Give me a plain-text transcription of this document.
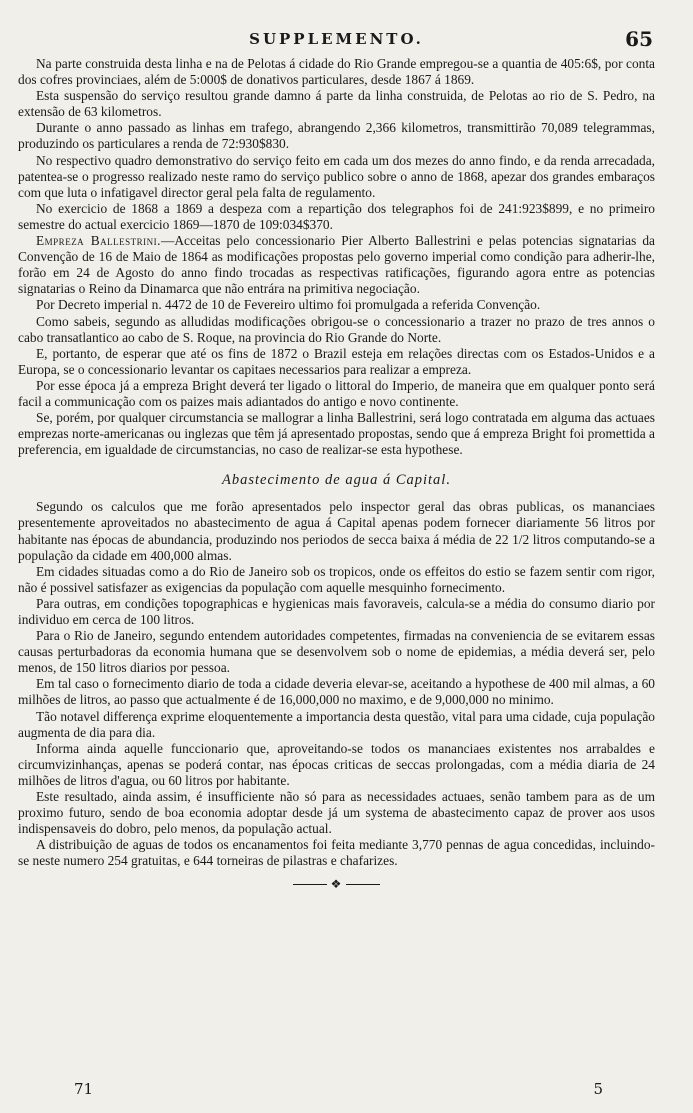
SUPPLEMENTO.	65

Na parte construida desta linha e na de Pelotas á cidade do Rio Grande empregou-se a quantia de 405:6$, por conta dos cofres provinciaes, além de 5:000$ de donativos particulares, desde 1867 á 1869.

Esta suspensão do serviço resultou grande damno á parte da linha construida, de Pelotas ao rio de S. Pedro, na extensão de 63 kilometros.

Durante o anno passado as linhas em trafego, abrangendo 2,366 kilometros, transmittirão 70,089 telegrammas, produzindo os particulares a renda de 72:930$830.

No respectivo quadro demonstrativo do serviço feito em cada um dos mezes do anno findo, e da renda arrecadada, patentea-se o progresso realizado neste ramo do serviço publico sobre o anno de 1868, apezar dos grandes embaraços com que luta o infatigavel director geral pela falta de regulamento.

No exercicio de 1868 a 1869 a despeza com a repartição dos telegraphos foi de 241:923$899, e no primeiro semestre do actual exercicio 1869—1870 de 109:034$370.

Empreza Ballestrini.—Acceitas pelo concessionario Pier Alberto Ballestrini e pelas potencias signatarias da Convenção de 16 de Maio de 1864 as modificações propostas pelo governo imperial como condição para adherir-lhe, forão em 24 de Agosto do anno findo trocadas as respectivas ratificações, figurando agora entre as potencias signatarias o Reino da Dinamarca que não entrára na primitiva negociação.

Por Decreto imperial n. 4472 de 10 de Fevereiro ultimo foi promulgada a referida Convenção.

Como sabeis, segundo as alludidas modificações obrigou-se o concessionario a trazer no prazo de tres annos o cabo transatlantico ao cabo de S. Roque, na provincia do Rio Grande do Norte.

E, portanto, de esperar que até os fins de 1872 o Brazil esteja em relações directas com os Estados-Unidos e a Europa, se o concessionario levantar os capitaes necessarios para realizar a empreza.

Por esse época já a empreza Bright deverá ter ligado o littoral do Imperio, de maneira que em qualquer ponto será facil a communicação com os paizes mais adiantados do antigo e novo continente.

Se, porém, por qualquer circumstancia se mallograr a linha Ballestrini, será logo contratada em alguma das actuaes emprezas norte-americanas ou inglezas que têm já apresentado propostas, sendo que á empreza Bright foi promettida a preferencia, em igualdade de circumstancias, no caso de realizar-se esta hypothese.

Abastecimento de agua á Capital.

Segundo os calculos que me forão apresentados pelo inspector geral das obras publicas, os mananciaes presentemente aproveitados no abastecimento de agua á Capital apenas podem fornecer diariamente 56 litros por habitante nas épocas de abundancia, produzindo nos periodos de secca baixa á média de 22 1/2 litros computando-se a população da cidade em 400,000 almas.

Em cidades situadas como a do Rio de Janeiro sob os tropicos, onde os effeitos do estio se fazem sentir com rigor, não é possivel satisfazer as exigencias da população com aquelle mesquinho fornecimento.

Para outras, em condições topographicas e hygienicas mais favoraveis, calcula-se a média do consumo diario por individuo em cerca de 100 litros.

Para o Rio de Janeiro, segundo entendem autoridades competentes, firmadas na conveniencia de se evitarem essas causas perturbadoras da economia humana que se desenvolvem sob o nome de epidemias, a média deverá ser, pelo menos, de 150 litros diarios por pessoa.

Em tal caso o fornecimento diario de toda a cidade deveria elevar-se, aceitando a hypothese de 400 mil almas, a 60 milhões de litros, ao passo que actualmente é de 16,000,000 no maximo, e de 9,000,000 no minimo.

Tão notavel differença exprime eloquentemente a importancia desta questão, vital para uma cidade, cuja população augmenta de dia para dia.

Informa ainda aquelle funccionario que, aproveitando-se todos os mananciaes existentes nos arrabaldes e circumvizinhanças, apenas se poderá contar, nas épocas criticas de seccas prolongadas, com a média diaria de 24 milhões de litros d'agua, ou 60 litros por habitante.

Este resultado, ainda assim, é insufficiente não só para as necessidades actuaes, senão tambem para as de um proximo futuro, sendo de boa economia adoptar desde já um systema de abastecimento capaz de prover aos usos indispensaveis do dobro, pelo menos, da população actual.

A distribuição de aguas de todos os encanamentos foi feita mediante 3,770 pennas de agua concedidas, incluindo-se neste numero 254 gratuitas, e 644 torneiras de pilastras e chafarizes.

❖
71	5
